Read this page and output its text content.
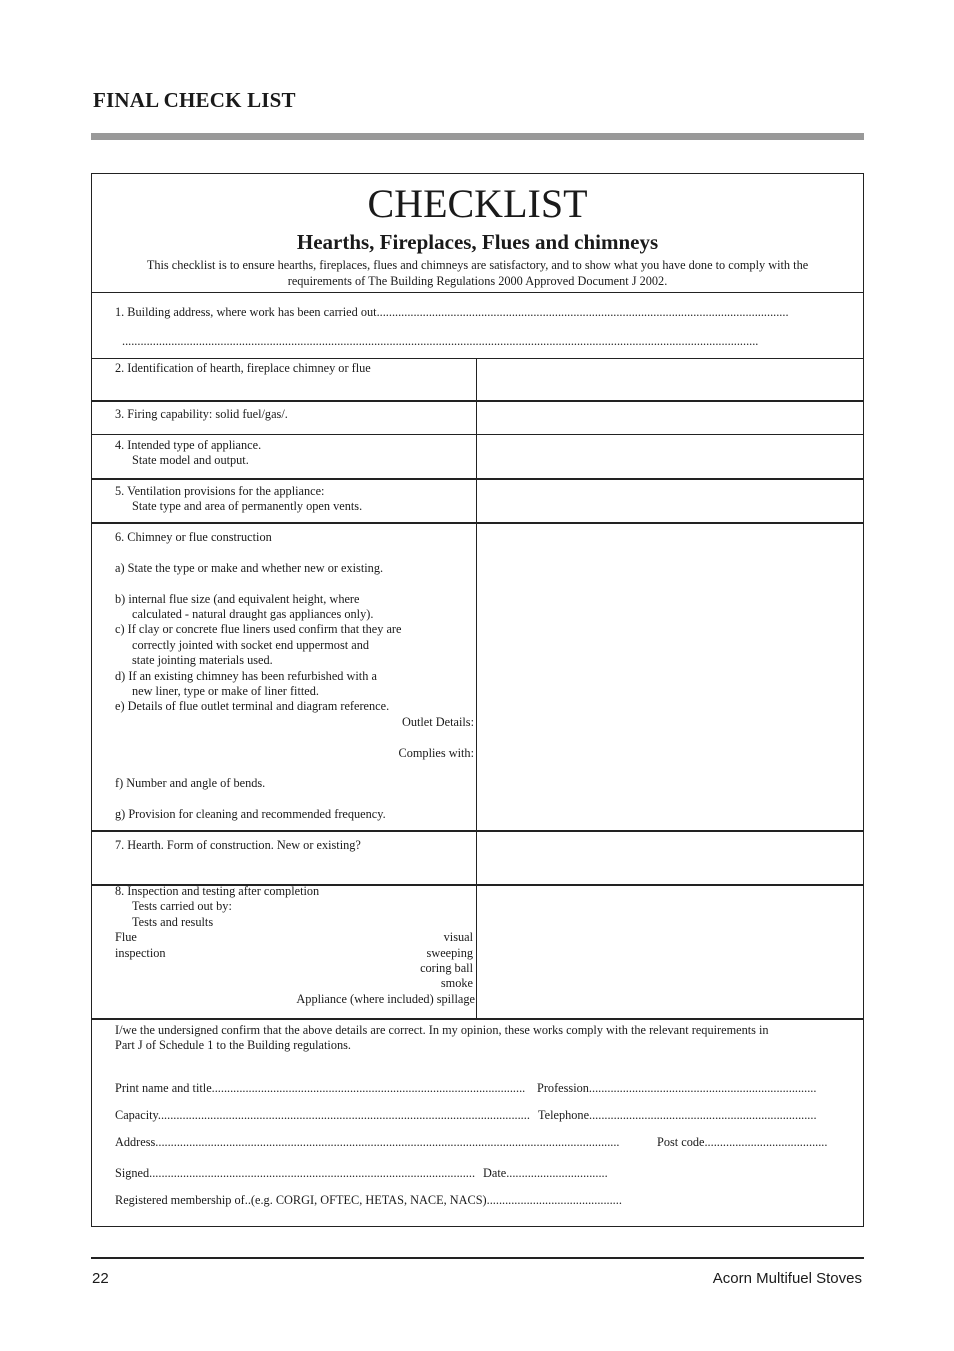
FINAL CHECK LIST
CHECKLIST
Hearths, Fireplaces, Flues and chimneys
This checklist is to ensure hearths, fireplaces, flues and chimneys are satisfactory, and to show what you have done to comply with the
requirements of The Building Regulations 2000 Approved Document J 2002.
1. Building address, where work has been carried out......................................................................................................................................
...............................................................................................................................................................................................................
2. Identification of hearth, fireplace chimney or flue
3. Firing capability: solid fuel/gas/.
4. Intended type of appliance.
State model and output.
5. Ventilation provisions for the appliance:
State type and area of permanently open vents.
6. Chimney or flue construction
a) State the type or make and whether new or existing.
b) internal flue size (and equivalent height, where
calculated - natural draught gas appliances only).
c) If clay or concrete flue liners used confirm that they are
correctly jointed with socket end uppermost and
state jointing materials used.
d) If an existing chimney has been refurbished with a
new liner, type or make of liner fitted.
e) Details of flue outlet terminal and diagram reference.
Outlet Details:
Complies with:
f) Number and angle of bends.
g) Provision for cleaning and recommended frequency.
7. Hearth. Form of construction. New or existing?
8. Inspection and testing after completion
Tests carried out by:
Tests and results
Flue
inspection
visual
sweeping
coring ball
smoke
Appliance (where included) spillage
I/we the undersigned confirm that the above details are correct. In my opinion, these works comply with the relevant requirements in
Part J of Schedule 1 to the Building regulations.
Print name and title...................................................................................................... Profession..........................................................................
Capacity......................................................................................................................... Telephone..........................................................................
Address.......................................................................................................................................................	Post code........................................
Signed.......................................................................................................... Date.................................
Registered membership of..(e.g. CORGI, OFTEC, HETAS, NACE, NACS)............................................
22	Acorn Multifuel Stoves
